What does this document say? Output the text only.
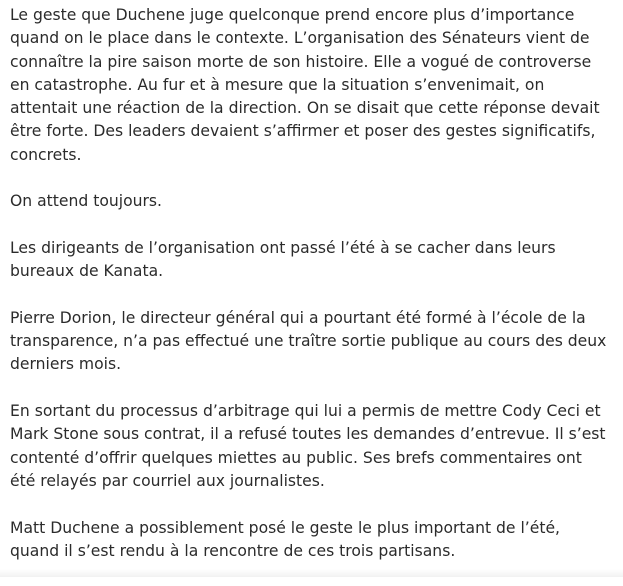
Le geste que Duchene juge quelconque prend encore plus d’importance quand on le place dans le contexte. L’organisation des Sénateurs vient de connaître la pire saison morte de son histoire. Elle a vogué de controverse en catastrophe. Au fur et à mesure que la situation s’envenimait, on attentait une réaction de la direction. On se disait que cette réponse devait être forte. Des leaders devaient s’affirmer et poser des gestes significatifs, concrets.

On attend toujours.

Les dirigeants de l’organisation ont passé l’été à se cacher dans leurs bureaux de Kanata.

Pierre Dorion, le directeur général qui a pourtant été formé à l’école de la transparence, n’a pas effectué une traître sortie publique au cours des deux derniers mois.

En sortant du processus d’arbitrage qui lui a permis de mettre Cody Ceci et Mark Stone sous contrat, il a refusé toutes les demandes d’entrevue. Il s’est contenté d’offrir quelques miettes au public. Ses brefs commentaires ont été relayés par courriel aux journalistes.

Matt Duchene a possiblement posé le geste le plus important de l’été, quand il s’est rendu à la rencontre de ces trois partisans.
